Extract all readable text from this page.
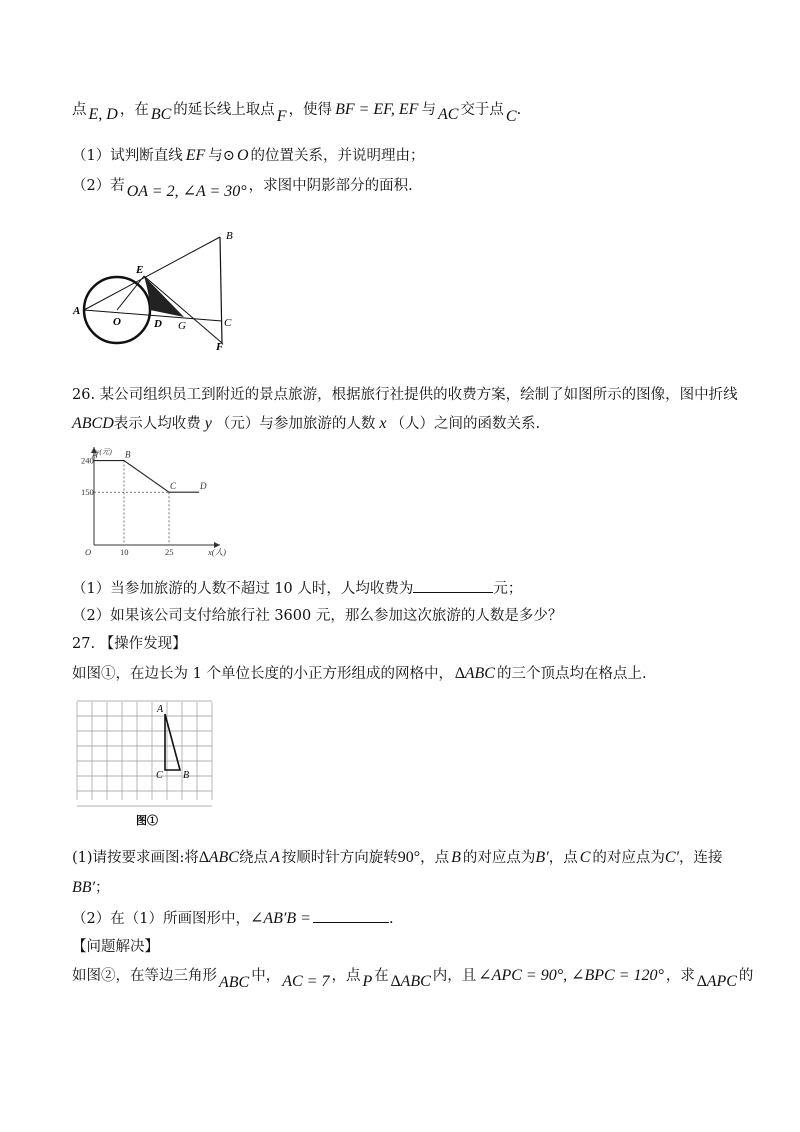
点 E, D ，在 BC 的延长线上取点 F ，使得 BF = EF, EF 与 AC 交于点 C.
（1）试判断直线 EF 与⊙ O 的位置关系，并说明理由；
（2）若 OA = 2, ∠A = 30° ，求图中阴影部分的面积.
A
O
E
D G
B
C
F
26. 某公司组织员工到附近的景点旅游，根据旅行社提供的收费方案，绘制了如图所示的图像，图中折线
ABCD表示人均收费 y （元）与参加旅游的人数 x （人）之间的函数关系.
A	B
C	D
240
150
10	25
O	x(人)
y(元)
（1）当参加旅游的人数不超过 10 人时，人均收费为	元；
（2）如果该公司支付给旅行社 3600 元，那么参加这次旅游的人数是多少？
27. 【操作发现】
如图①，在边长为 1 个单位长度的小正方形组成的网格中， ∆ABC 的三个顶点均在格点上.
A
C B
图①
(1)请按要求画图:将∆ABC绕点 A 按顺时针方向旋转90°，点 B 的对应点为B′，点 C 的对应点为C′，连接
BB′；
（2）在（1）所画图形中，∠AB′B =	.
【问题解决】
如图②，在等边三角形 ABC 中， AC = 7 ，点 P 在 ∆ABC 内，且 ∠APC = 90°, ∠BPC = 120° ，求 ∆APC 的
